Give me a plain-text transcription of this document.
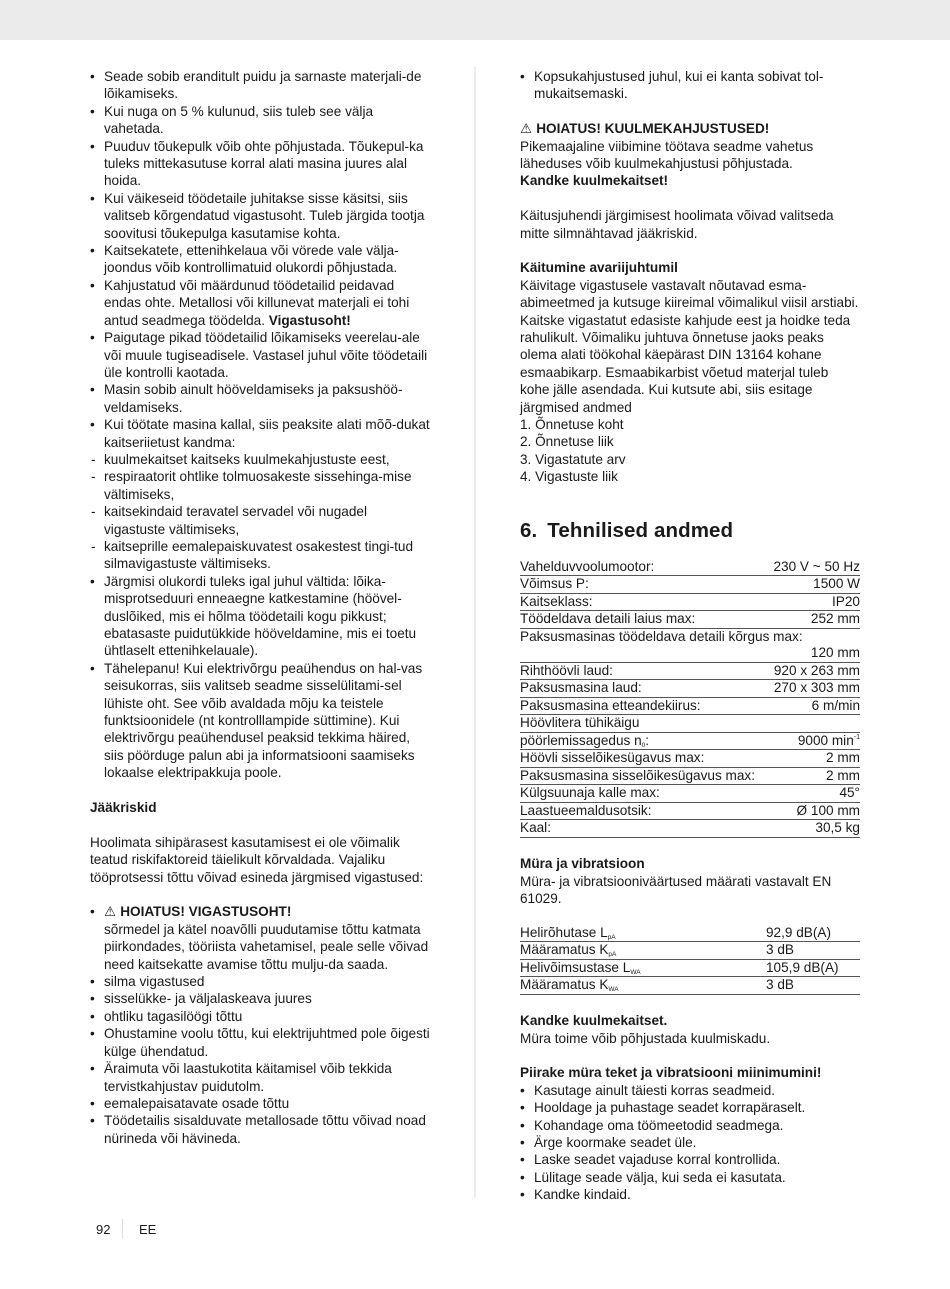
• Seade sobib eranditult puidu ja sarnaste materjali-de lõikamiseks.
• Kui nuga on 5 % kulunud, siis tuleb see välja vahetada.
• Puuduv tõukepulk võib ohte põhjustada. Tõukepul-ka tuleks mittekasutuse korral alati masina juures alal hoida.
• Kui väikeseid töödetaile juhitakse sisse käsitsi, siis valitseb kõrgendatud vigastusoht. Tuleb järgida tootja soovitusi tõukepulga kasutamise kohta.
• Kaitsekatete, ettenihkelaua või vörede vale välja-joondus võib kontrollimatuid olukordi põhjustada.
• Kahjustatud või määrdunud töödetailid peidavad endas ohte. Metallosi või killunevat materjali ei tohi antud seadmega töödelda. Vigastusoht!
• Paigutage pikad töödetailid lõikamiseks veerelau-ale või muule tugiseadisele. Vastasel juhul võite töödetaili üle kontrolli kaotada.
• Masin sobib ainult hööveldamiseks ja paksushöö-veldamiseks.
• Kui töötate masina kallal, siis peaksite alati mõõ-dukat kaitseriietust kandma:
- kuulmekaitset kaitseks kuulmekahjustuste eest,
- respiraatorit ohtlike tolmuosakeste sissehinga-mise vältimiseks,
- kaitsekindaid teravatel servadel või nugadel vigastuste vältimiseks,
- kaitseprille eemalepaiskuvatest osakestest tingi-tud silmavigastuste vältimiseks.
• Järgmisi olukordi tuleks igal juhul vältida: lõika-misprotseduuri enneaegne katkestamine (höövel-duslõiked, mis ei hõlma töödetaili kogu pikkust; ebatasaste puidutükkide hööveldamine, mis ei toetu ühtlaselt ettenihkelauale).
• Tähelepanu! Kui elektrivõrgu peaühendus on hal-vas seisukorras, siis valitseb seadme sisselülitami-sel lühiste oht. See võib avaldada mõju ka teistele funktsioonidele (nt kontrolllampide süttimine). Kui elektrivõrgu peaühendusel peaksid tekkima häired, siis pöörduge palun abi ja informatsiooni saamiseks lokaalse elektripakkuja poole.

Jääkriskid

Hoolimata sihipärasest kasutamisest ei ole võimalik teatud riskifaktoreid täielikult kõrvaldada. Vajaliku tööprotsessi tõttu võivad esineda järgmised vigastused:

• ⚠ HOIATUS! VIGASTUSOHT!
sõrmedel ja kätel noavõlli puudutamise tõttu katmata piirkondades, tööriista vahetamisel, peale selle võivad need kaitsekatte avamise tõttu mulju-da saada.
• silma vigastused
• sisselükke- ja väljalaskeava juures
• ohtliku tagasilöögi tõttu
• Ohustamine voolu tõttu, kui elektrijuhtmed pole õigesti külge ühendatud.
• Äraimuta või laastukotita käitamisel võib tekkida tervistkahjustav puidutolm.
• eemalepaisatavate osade tõttu
• Töödetailis sisalduvate metallosade tõttu võivad noad nürineda või hävineda.
• Kopsukahjustused juhul, kui ei kanta sobivat tol-mukaitsemaski.

⚠ HOIATUS! KUULMEKAHJUSTUSED!

Pikemaajaline viibimine töötava seadme vahetus läheduses võib kuulmekahjustusi põhjustada.

Kandke kuulmekaitset!

Käitusjuhendi järgimisest hoolimata võivad valitseda mitte silmnähtavad jääkriskid.

Käitumine avariijuhtumil

Käivitage vigastusele vastavalt nõutavad esma-abimeetmed ja kutsuge kiireimal võimalikul viisil arstiabi. Kaitske vigastatut edasiste kahjude eest ja hoidke teda rahulikult. Võimaliku juhtuva õnnetuse jaoks peaks olema alati töökohal käepärast DIN 13164 kohane esmaabikarp. Esmaabikarbist võetud materjal tuleb kohe jälle asendada. Kui kutsute abi, siis esitage järgmised andmed

1. Õnnetuse koht

2. Õnnetuse liik

3. Vigastatute arv

4. Vigastuste liik

6. Tehnilised andmed
Vahelduvvoolumootor:	230 V ~ 50 Hz
Võimsus P:	1500 W
Kaitseklass:	IP20
Töödeldava detaili laius max:	252 mm
Paksusmasinas töödeldava detaili kõrgus max:	
	120 mm
Rihthöövli laud:	920 x 263 mm
Paksusmasina laud:	270 x 303 mm
Paksusmasina etteandekiirus:	6 m/min
Höövlitera tühikäigu	
pöörlemissagedus $n_0$:	9000 $\min^{-1}$
Höövli sisselõikesügavus max:	2 mm
Paksusmasina sisselõikesügavus max:	2 mm
Külgsuunaja kalle max:	45°
Laastueemaldusotsik:	Ø 100 mm
Kaal:	30,5 kg

Müra ja vibratsioon

Müra- ja vibratsiooniväärtused määrati vastavalt EN 61029.

Helirõhutase $L_{pA}$	92,9 dB(A)
Määramatus $K_{pA}$	3 dB
Helivõimsustase $L_{WA}$	105,9 dB(A)
Määramatus $K_{WA}$	3 dB

Kandke kuulmekaitset.

Müra toime võib põhjustada kuulmiskadu.

Piirake müra teket ja vibratsiooni miinimumini!

• Kasutage ainult täiesti korras seadmeid.
• Hooldage ja puhastage seadet korrapäraselt.
• Kohandage oma töömeetodid seadmega.
• Ärge koormake seadet üle.
• Laske seadet vajaduse korral kontrollida.
• Lülitage seade välja, kui seda ei kasutata.
• Kandke kindaid.
92 EE
